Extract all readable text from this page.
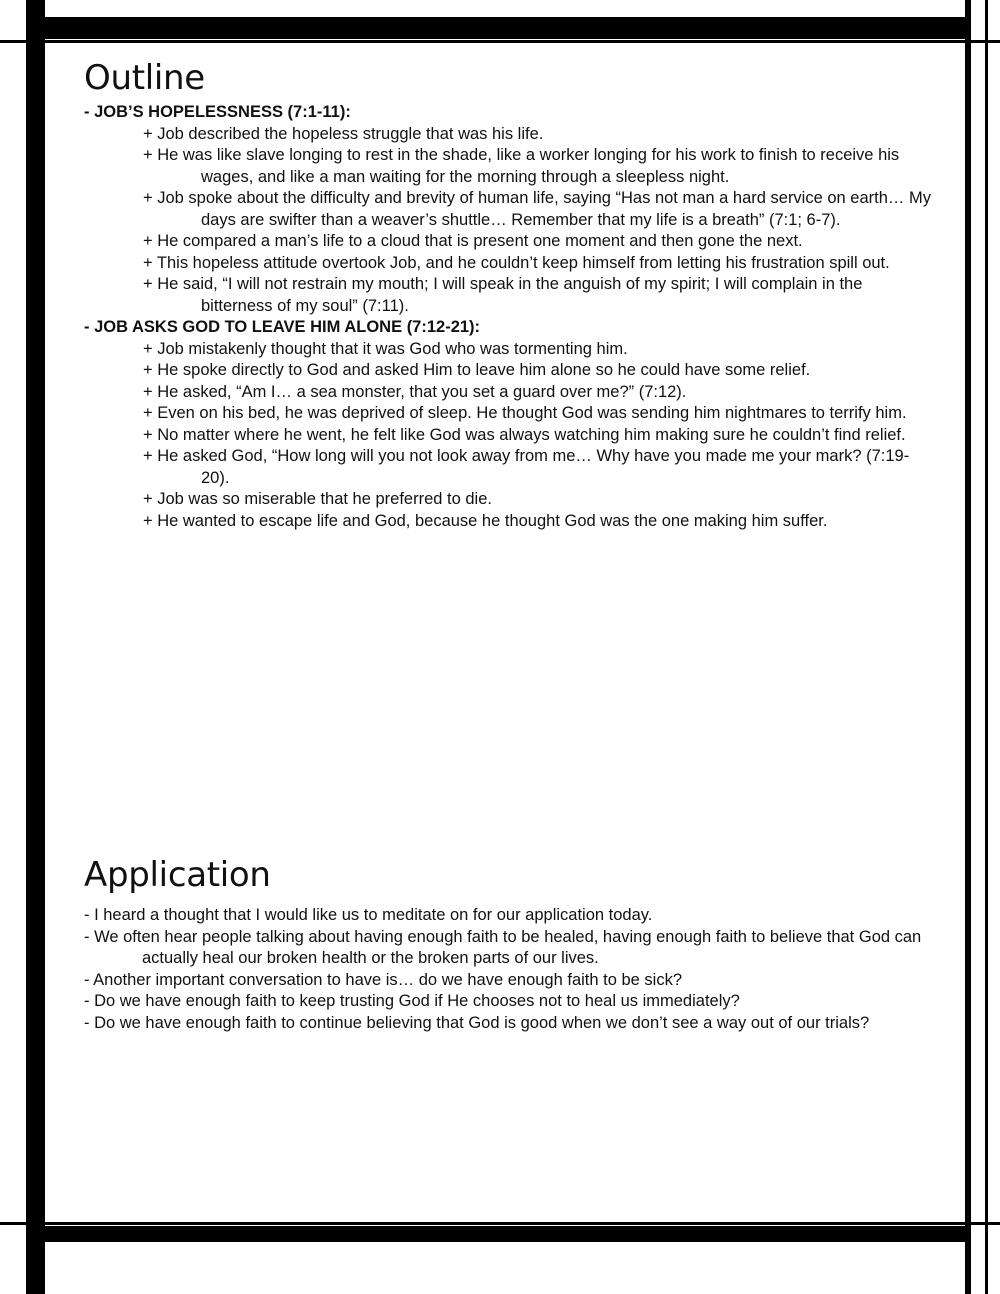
Outline
- JOB’S HOPELESSNESS (7:1-11):
+ Job described the hopeless struggle that was his life.
+ He was like slave longing to rest in the shade, like a worker longing for his work to finish to receive his wages, and like a man waiting for the morning through a sleepless night.
+ Job spoke about the difficulty and brevity of human life, saying “Has not man a hard service on earth… My days are swifter than a weaver’s shuttle… Remember that my life is a breath” (7:1; 6-7).
+ He compared a man’s life to a cloud that is present one moment and then gone the next.
+ This hopeless attitude overtook Job, and he couldn’t keep himself from letting his frustration spill out.
+ He said, “I will not restrain my mouth; I will speak in the anguish of my spirit; I will complain in the bitterness of my soul” (7:11).
- JOB ASKS GOD TO LEAVE HIM ALONE (7:12-21):
+ Job mistakenly thought that it was God who was tormenting him.
+ He spoke directly to God and asked Him to leave him alone so he could have some relief.
+ He asked, “Am I… a sea monster, that you set a guard over me?” (7:12).
+ Even on his bed, he was deprived of sleep. He thought God was sending him nightmares to terrify him.
+ No matter where he went, he felt like God was always watching him making sure he couldn’t find relief.
+ He asked God, “How long will you not look away from me… Why have you made me your mark? (7:19-20).
+ Job was so miserable that he preferred to die.
+ He wanted to escape life and God, because he thought God was the one making him suffer.
Application
- I heard a thought that I would like us to meditate on for our application today.
- We often hear people talking about having enough faith to be healed, having enough faith to believe that God can actually heal our broken health or the broken parts of our lives.
- Another important conversation to have is… do we have enough faith to be sick?
- Do we have enough faith to keep trusting God if He chooses not to heal us immediately?
- Do we have enough faith to continue believing that God is good when we don’t see a way out of our trials?
